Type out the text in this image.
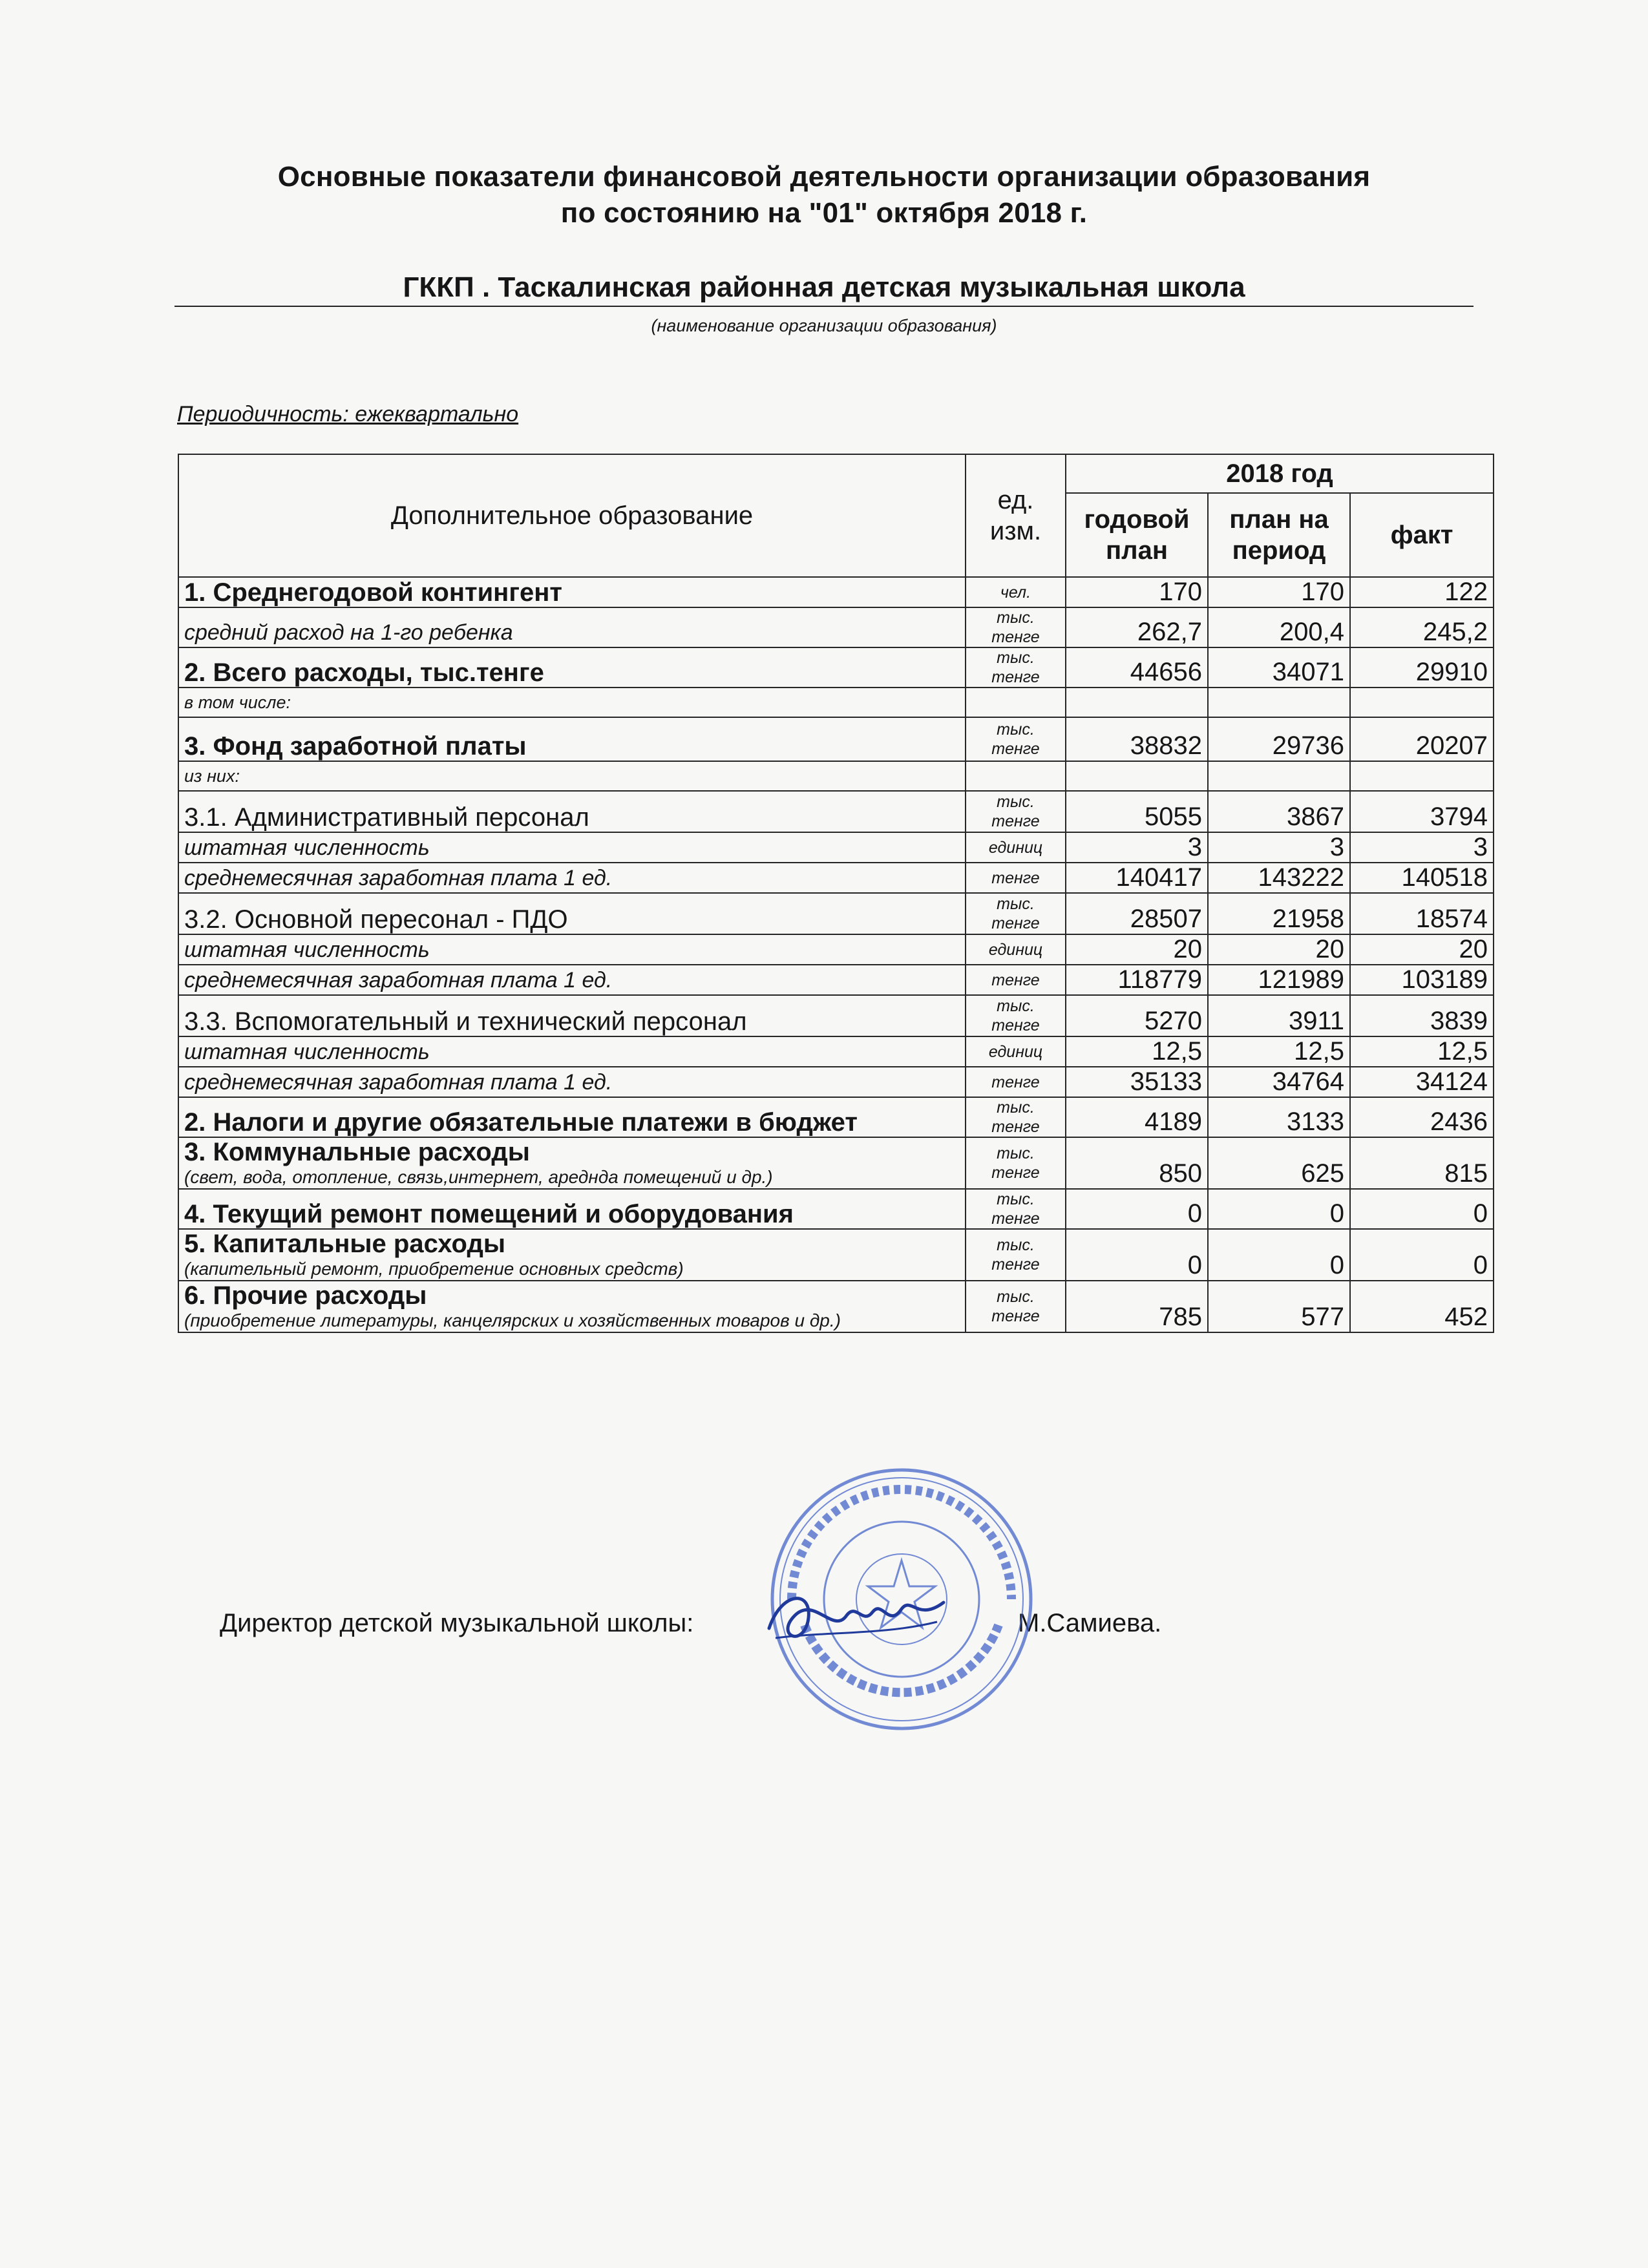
Основные показатели финансовой деятельности организации образования
по состоянию на "01" октября 2018 г.
ГККП . Таскалинская районная детская музыкальная школа
(наименование организации образования)
Периодичность: ежеквартально
Дополнительное образование	ед. изм.	2018 год		
		годовой план	план на период	факт
1. Среднегодовой контингент	чел.	170	170	122
средний расход на 1-го ребенка	тыс. тенге	262,7	200,4	245,2
2. Всего расходы, тыс.тенге	тыс. тенге	44656	34071	29910
в том числе:				
3. Фонд заработной платы	тыс. тенге	38832	29736	20207
из них:				
3.1. Административный персонал	тыс. тенге	5055	3867	3794
штатная численность	единиц	3	3	3
среднемесячная заработная плата 1 ед.	тенге	140417	143222	140518
3.2. Основной пересонал - ПДО	тыс. тенге	28507	21958	18574
штатная численность	единиц	20	20	20
среднемесячная заработная плата 1 ед.	тенге	118779	121989	103189
3.3. Вспомогательный и технический персонал	тыс. тенге	5270	3911	3839
штатная численность	единиц	12,5	12,5	12,5
среднемесячная заработная плата 1 ед.	тенге	35133	34764	34124
2. Налоги и другие обязательные платежи в бюджет	тыс. тенге	4189	3133	2436
3. Коммунальные расходы
(свет, вода, отопление, связь,интернет, аредндa помещений и др.)	тыс. тенге	850	625	815
4. Текущий ремонт помещений и оборудования	тыс. тенге	0	0	0
5. Капитальные расходы
(капительный ремонт, приобретение основных средств)	тыс. тенге	0	0	0
6. Прочие расходы
(приобретение литературы, канцелярских и хозяйственных товаров и др.)	тыс. тенге	785	577	452
Директор детской музыкальной школы:	М.Самиева.
